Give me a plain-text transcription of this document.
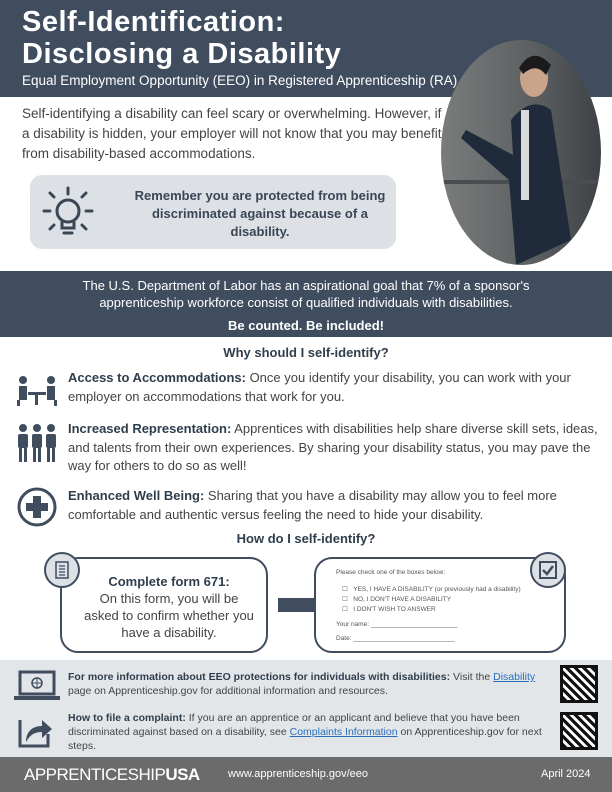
Self-Identification:
Disclosing a Disability
Equal Employment Opportunity (EEO) in Registered Apprenticeship (RA)
Self-identifying a disability can feel scary or overwhelming. However, if a disability is hidden, your employer will not know that you may benefit from disability-based accommodations.
Remember you are protected from being discriminated against because of a disability.
The U.S. Department of Labor has an aspirational goal that 7% of a sponsor's apprenticeship workforce consist of qualified individuals with disabilities.
Be counted. Be included!
Why should I self-identify?
Access to Accommodations: Once you identify your disability, you can work with your employer on accommodations that work for you.
Increased Representation: Apprentices with disabilities help share diverse skill sets, ideas, and talents from their own experiences. By sharing your disability status, you may pave the way for others to do so as well!
Enhanced Well Being: Sharing that you have a disability may allow you to feel more comfortable and authentic versus feeling the need to hide your disability.
How do I self-identify?
Complete form 671:
On this form, you will be asked to confirm whether you have a disability.
Please check one of the boxes below:
☐   YES, I HAVE A DISABILITY (or previously had a disability)
☐   NO, I DON'T HAVE A DISABILITY
☐   I DON'T WISH TO ANSWER
Your name: ________________________
Date: ____________________________
For more information about EEO protections for individuals with disabilities: Visit the Disability page on Apprenticeship.gov for additional information and resources.
How to file a complaint: If you are an apprentice or an applicant and believe that you have been discriminated against based on a disability, see Complaints Information on Apprenticeship.gov for next steps.
APPRENTICESHIPUSA	www.apprenticeship.gov/eeo	April 2024
